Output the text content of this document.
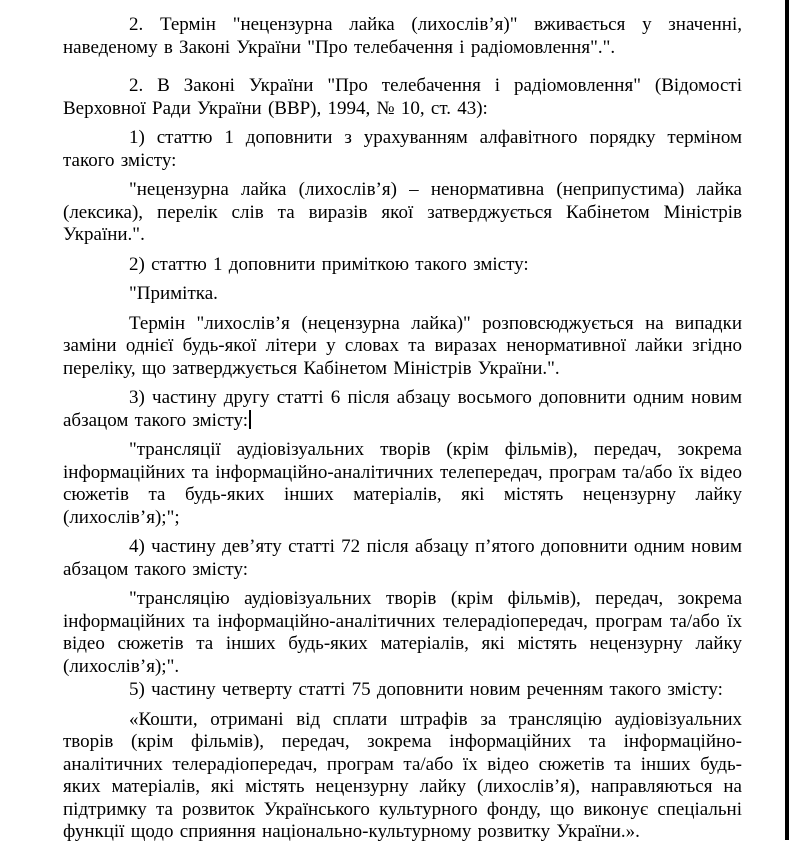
2. Термін "нецензурна лайка (лихослів’я)" вживається у значенні, наведеному в Законі України "Про телебачення і радіомовлення".".

2. В Законі України "Про телебачення і радіомовлення" (Відомості Верховної Ради України (ВВР), 1994, № 10, ст. 43):

1) статтю 1 доповнити з урахуванням алфавітного порядку терміном такого змісту:

"нецензурна лайка (лихослів’я) – ненормативна (неприпустима) лайка (лексика), перелік слів та виразів якої затверджується Кабінетом Міністрів України.".

2) статтю 1 доповнити приміткою такого змісту:

"Примітка.

Термін "лихослів’я (нецензурна лайка)" розповсюджується на випадки заміни однієї будь-якої літери у словах та виразах ненормативної лайки згідно переліку, що затверджується Кабінетом Міністрів України.".

3) частину другу статті 6 після абзацу восьмого доповнити одним новим абзацом такого змісту:

"трансляції аудіовізуальних творів (крім фільмів), передач, зокрема інформаційних та інформаційно-аналітичних телепередач, програм та/або їх відео сюжетів та будь-яких інших матеріалів, які містять нецензурну лайку (лихослів’я);";

4) частину дев’яту статті 72 після абзацу п’ятого доповнити одним новим абзацом такого змісту:

"трансляцію аудіовізуальних творів (крім фільмів), передач, зокрема інформаційних та інформаційно-аналітичних телерадіопередач, програм та/або їх відео сюжетів та інших будь-яких матеріалів, які містять нецензурну лайку (лихослів’я);".

5) частину четверту статті 75 доповнити новим реченням такого змісту:

«Кошти, отримані від сплати штрафів за трансляцію аудіовізуальних творів (крім фільмів), передач, зокрема інформаційних та інформаційно-аналітичних телерадіопередач, програм та/або їх відео сюжетів та інших будь-яких матеріалів, які містять нецензурну лайку (лихослів’я), направляються на підтримку та розвиток Українського культурного фонду, що виконує спеціальні функції щодо сприяння національно-культурному розвитку України.».
